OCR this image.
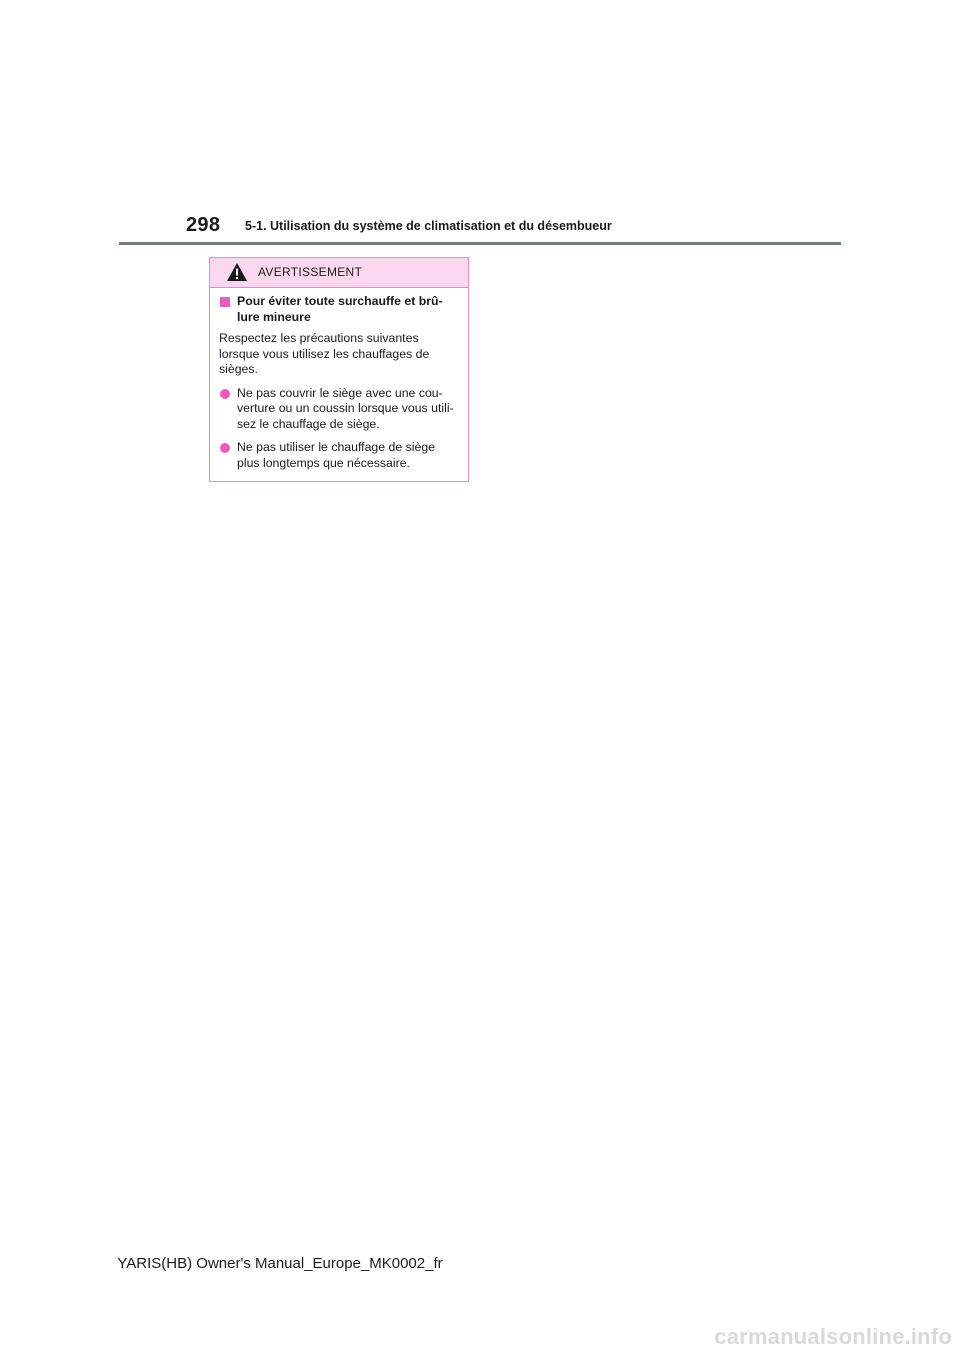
298 5-1. Utilisation du système de climatisation et du désembueur
AVERTISSEMENT
Pour éviter toute surchauffe et brû-
lure mineure
Respectez les précautions suivantes
lorsque vous utilisez les chauffages de
sièges.
Ne pas couvrir le siège avec une cou-
verture ou un coussin lorsque vous utili-
sez le chauffage de siège.
Ne pas utiliser le chauffage de siège
plus longtemps que nécessaire.
YARIS(HB) Owner's Manual_Europe_MK0002_fr
carmanualsonline.info
